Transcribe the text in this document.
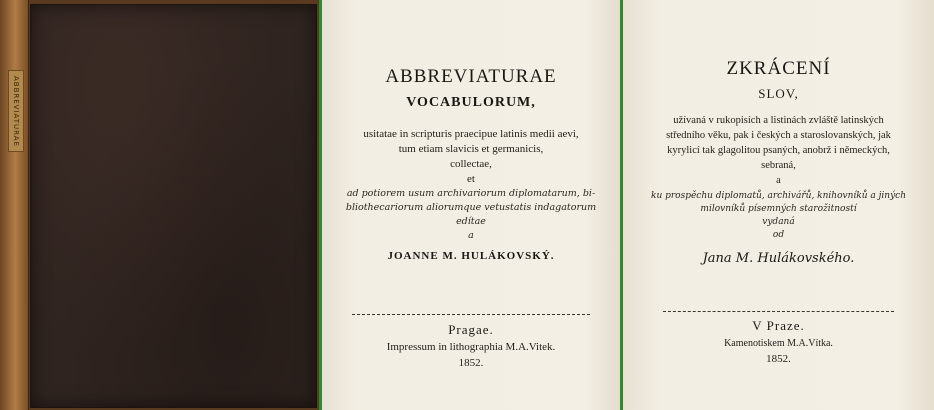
ABBREVIATURAE	ABBREVIATURAE
VOCABULORUM,
usitatae in scripturis praecipue latinis medii aevi,
tum etiam slavicis et germanicis,
collectae,
et
ad potiorem usum archivariorum diplomatarum, bi-
bliothecariorum aliorumque vetustatis indagatorum
edítae
a
JOANNE M. HULÁKOVSKÝ.
Pragae.
Impressum in lithographia M.A.Vitek.
1852.
ZKRÁCENÍ
SLOV,
užívaná v rukopisích a listinách zvláště latinských
středního věku, pak i českých a staroslovanských, jak
kyrylicí tak glagolitou psaných, anobrž i německých,
sebraná,
a
ku prospěchu diplomatů, archivářů, knihovníků a jiných
milovníků písemných starožitností
vydaná
od
Jana M. Hulákovského.
V Praze.
Kamenotiskem M.A.Vítka.
1852.
